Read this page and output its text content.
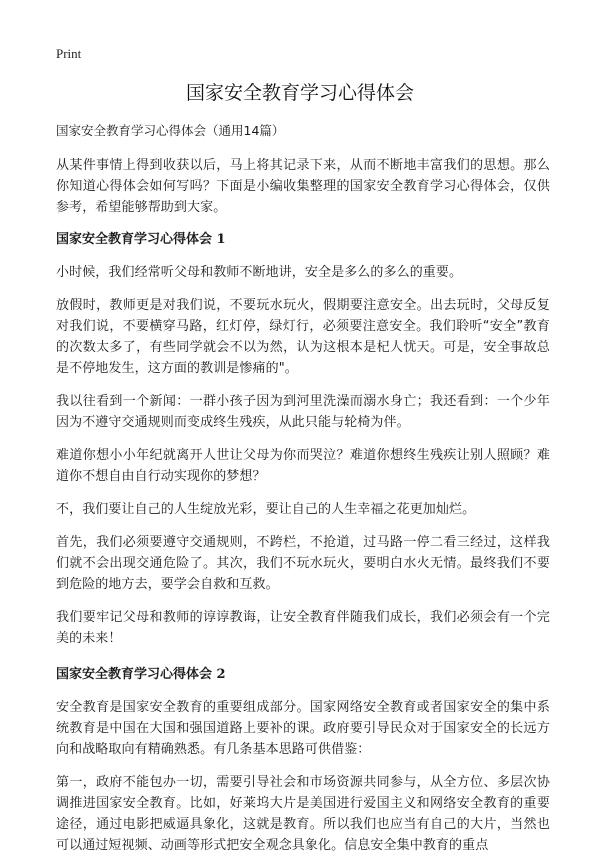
Print
国家安全教育学习心得体会

国家安全教育学习心得体会（通用14篇）

从某件事情上得到收获以后，马上将其记录下来，从而不断地丰富我们的思想。那么你知道心得体会如何写吗？下面是小编收集整理的国家安全教育学习心得体会，仅供参考，希望能够帮助到大家。

国家安全教育学习心得体会 1

小时候，我们经常听父母和教师不断地讲，安全是多么的多么的重要。

放假时，教师更是对我们说，不要玩水玩火，假期要注意安全。出去玩时，父母反复对我们说，不要横穿马路，红灯停，绿灯行，必须要注意安全。我们聆听“安全”教育的次数太多了，有些同学就会不以为然，认为这根本是杞人忧天。可是，安全事故总是不停地发生，这方面的教训是惨痛的"。

我以往看到一个新闻：一群小孩子因为到河里洗澡而溺水身亡；我还看到：一个少年因为不遵守交通规则而变成终生残疾，从此只能与轮椅为伴。

难道你想小小年纪就离开人世让父母为你而哭泣？难道你想终生残疾让别人照顾？难道你不想自由自行动实现你的梦想？

不，我们要让自己的人生绽放光彩，要让自己的人生幸福之花更加灿烂。

首先，我们必须要遵守交通规则，不跨栏，不抢道，过马路一停二看三经过，这样我们就不会出现交通危险了。其次，我们不玩水玩火，要明白水火无情。最终我们不要到危险的地方去，要学会自救和互救。

我们要牢记父母和教师的谆谆教诲，让安全教育伴随我们成长，我们必须会有一个完美的未来！

国家安全教育学习心得体会 2

安全教育是国家安全教育的重要组成部分。国家网络安全教育或者国家安全的集中系统教育是中国在大国和强国道路上要补的课。政府要引导民众对于国家安全的长远方向和战略取向有精确熟悉。有几条基本思路可供借鉴：

第一，政府不能包办一切，需要引导社会和市场资源共同参与，从全方位、多层次协调推进国家安全教育。比如，好莱坞大片是美国进行爱国主义和网络安全教育的重要途径，通过电影把威逼具象化，这就是教育。所以我们也应当有自己的大片，当然也可以通过短视频、动画等形式把安全观念具象化。信息安全集中教育的重点
